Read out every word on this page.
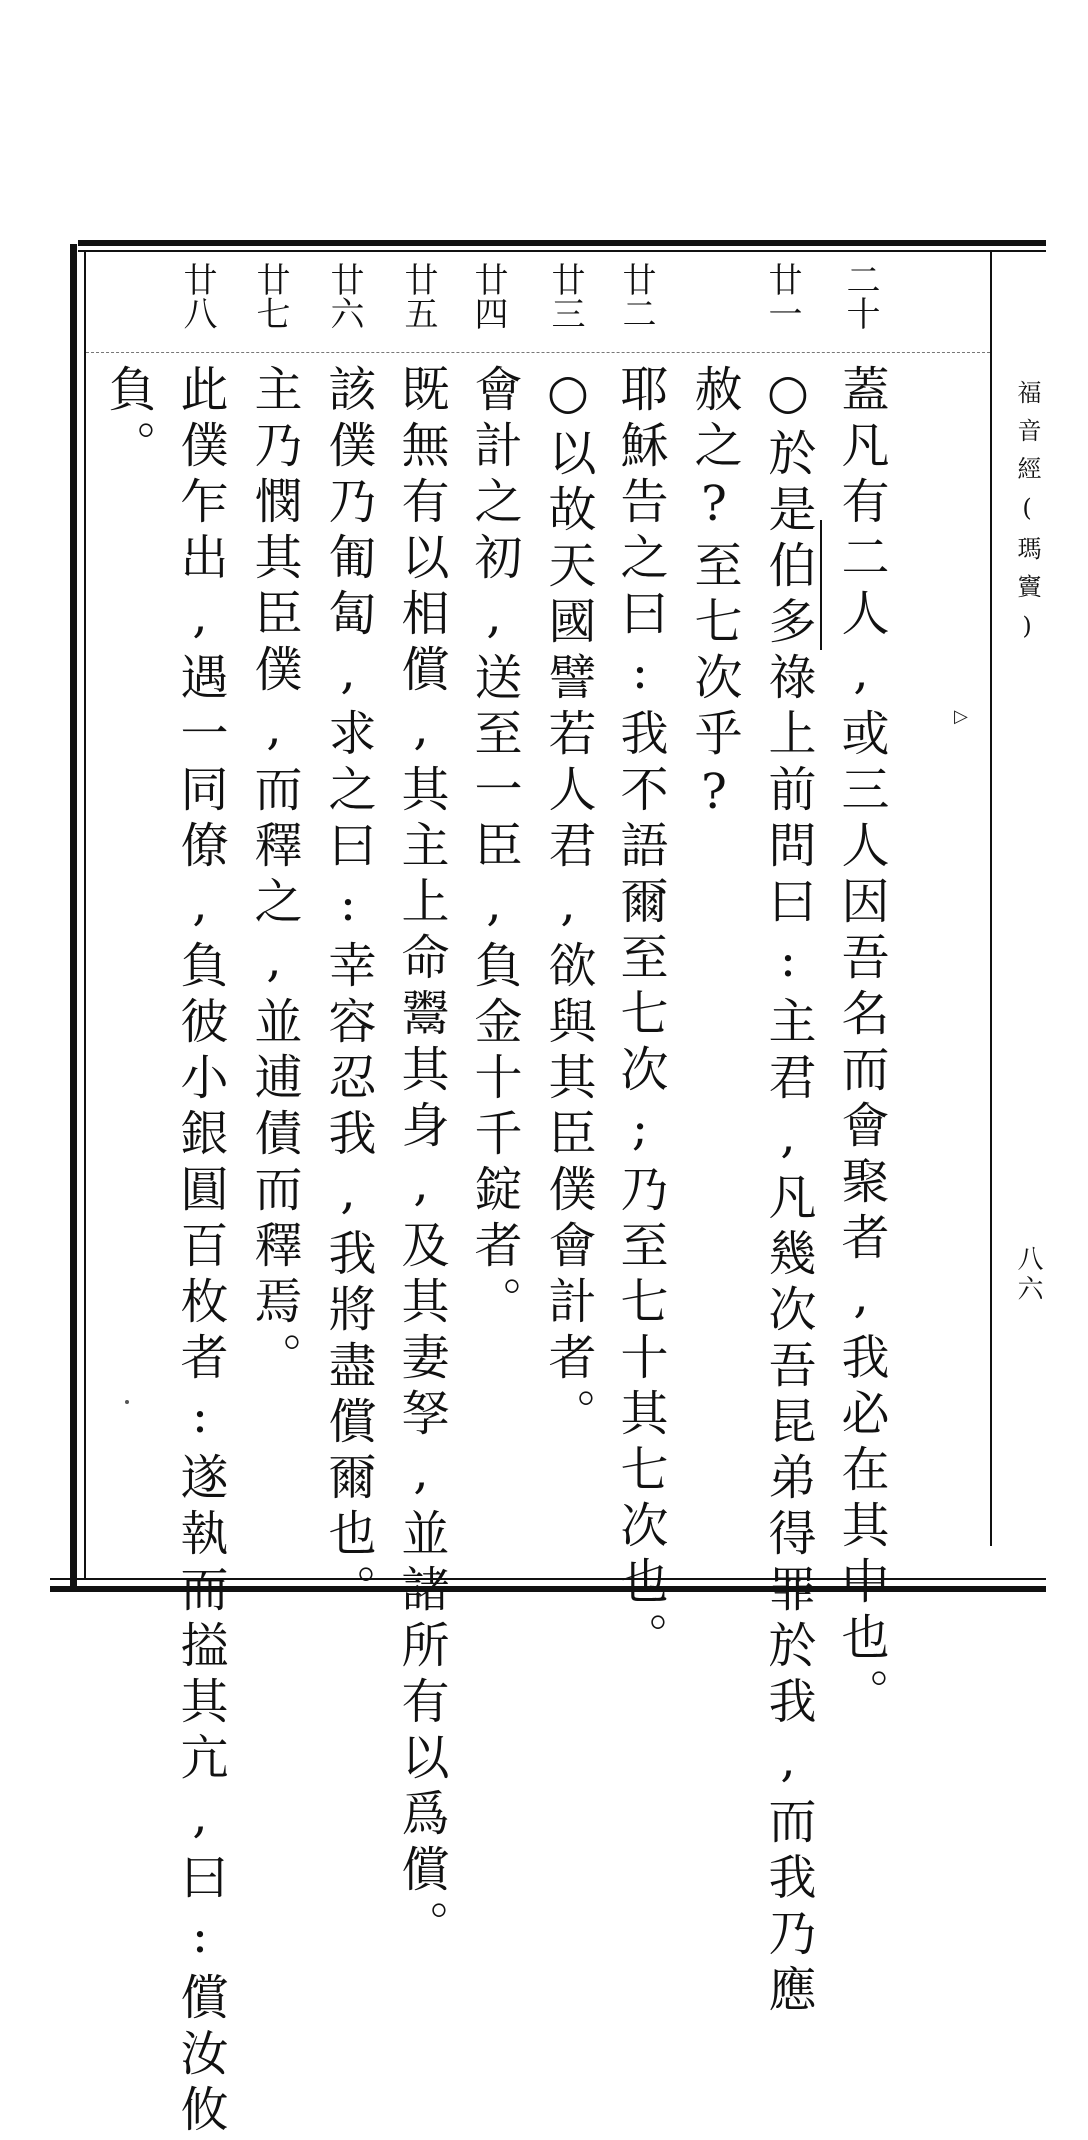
福音經(瑪竇)
八六
二十
廿一
廿二
廿三
廿四
廿五
廿六
廿七
廿八
蓋凡有二人,或三人因吾名而會聚者,我必在其中也。
○於是伯多祿上前問曰:主君,凡幾次吾昆弟得罪於我,而我乃應
赦之?至七次乎?
耶穌告之曰:我不語爾至七次;乃至七十其七次也。
○以故天國譬若人君,欲與其臣僕會計者。
會計之初,送至一臣,負金十千錠者。
既無有以相償,其主上命鬻其身,及其妻孥,並諸所有以爲償。
該僕乃匍匐,求之曰:幸容忍我,我將盡償爾也。
主乃憫其臣僕,而釋之,並逋債而釋焉。
此僕乍出,遇一同僚,負彼小銀圓百枚者:遂執而搤其亢,曰:償汝攸
負。
▷
